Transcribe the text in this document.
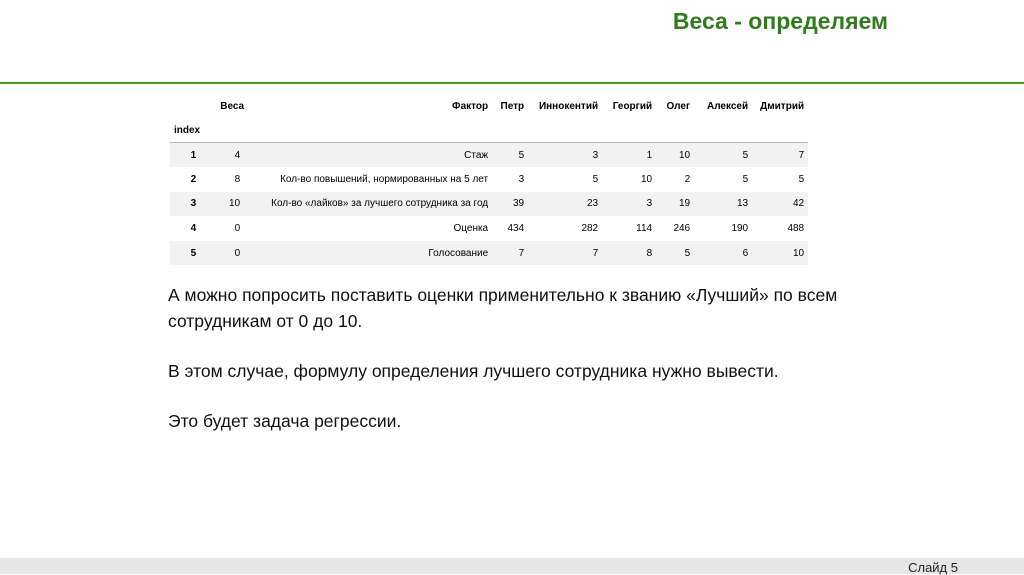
Веса - определяем
	Веса	Фактор	Петр	Иннокентий	Георгий	Олег	Алексей	Дмитрий
index								
1	4	Стаж	5	3	1	10	5	7
2	8	Кол-во повышений, нормированных на 5 лет	3	5	10	2	5	5
3	10	Кол-во «лайков» за лучшего сотрудника за год	39	23	3	19	13	42
4	0	Оценка	434	282	114	246	190	488
5	0	Голосование	7	7	8	5	6	10

А можно попросить поставить оценки применительно к званию «Лучший» по всем сотрудникам от 0 до 10.

В этом случае, формулу определения лучшего сотрудника нужно вывести.

Это будет задача регрессии.

Слайд 5
